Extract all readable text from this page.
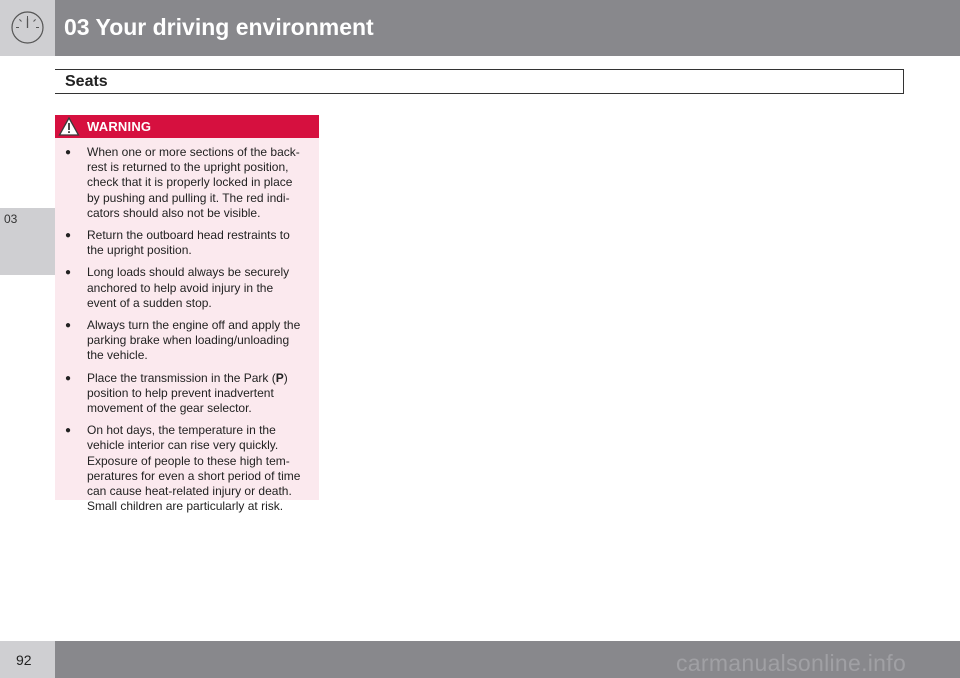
03 Your driving environment
Seats
03
WARNING
● When one or more sections of the back-
rest is returned to the upright position,
check that it is properly locked in place
by pushing and pulling it. The red indi-
cators should also not be visible.
● Return the outboard head restraints to
the upright position.
● Long loads should always be securely
anchored to help avoid injury in the
event of a sudden stop.
● Always turn the engine off and apply the
parking brake when loading/unloading
the vehicle.
● Place the transmission in the Park (P)
position to help prevent inadvertent
movement of the gear selector.
● On hot days, the temperature in the
vehicle interior can rise very quickly.
Exposure of people to these high tem-
peratures for even a short period of time
can cause heat-related injury or death.
Small children are particularly at risk.
92	carmanualsonline.info
